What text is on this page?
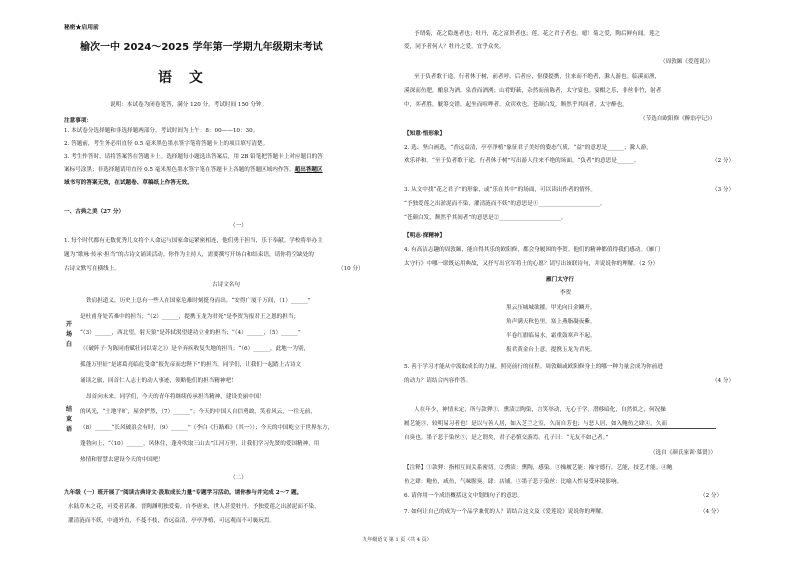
秘密★启用前
榆次一中 2024～2025 学年第一学期九年级期末考试
语 文
说明：本试卷为闭卷笔答，满分 120 分，考试时间 150 分钟。
注意事项：
1. 本试卷分选择题和非选择题两部分。考试时间为上午：8：00——10：30。
2. 答题前，考生务必用直径 0.5 毫米黑色墨水签字笔将答题卡上的项目填写清楚。
3. 考生作答时，请将答案答在答题卡上。选择题每小题选出答案后，用 2B 铅笔把答题卡上对应题目的答
案标号涂黑；非选择题请用直径 0.5 毫米黑色墨水签字笔在答题卡上各题的答题区域内作答。超出答题区
域书写的答案无效，在试题卷、草稿纸上作答无效。
一、古典之美（27 分）
（一）
1. 每个时代都有无数优秀儿女将个人命运与国家命运紧密相连，他们勇于担当，乐于奉献。学校将举办主
题为“歌咏·传承·担当”的古诗文诵读活动。你作为主持人，需要撰写开场白和结束语，请你将空缺处的
古诗文默写在横线上。	（10 分）
古诗文名句
开
场
白
铁肩担道义，历史上总有一些人在国家危难时刻挺身而出。“安得广厦千万间，（1）______”
是杜甫身处苦难中的担当；“（2）______，提携玉龙为君死”是李贺为报君王之恩的担当；
“（3）______，西北望，射天狼”是苏轼渴望建功立业的担当；“（4）______，（5）______”
（《破阵子·为陈同甫赋壮词以寄之》）是辛弃疾收复失地的担当；“（6）______，此地一为别，
孤蓬万里征”是诸葛亮临危受命“报先帝而忠陛下”的担当。同学们，让我们一起踏上古诗文
诵读之旅，回首仁人志士的动人事迹，领略他们的担当精神吧！
结
束
语
昂首向未来。同学们，今天的青年将继续传承担当精神，建设美丽中国！
的风光，“土地平旷，屋舍俨然，（7）______”；今天的中国人自信勇敢，笑看风云，一往无前，
（8）______“长风破浪会有时，（9）______”（李白《行路难》（其一））；今天的中国屹立于世界东方，
蓬勃向上，“（10）______，风休住，蓬舟吹取三山去”江河万里，让我们学习先贤的爱国精神，用
热情和智慧去建设今天的中国吧！
（二）
九年级（一）班开展了“阅读古典诗文·汲取成长力量”专题学习活动。请你参与并完成 2～7 题。
水陆草木之花，可爱者甚蕃。晋陶渊明独爱菊。自李唐来，世人甚爱牡丹。予独爱莲之出淤泥而不染，
濯清涟而不妖，中通外直，不蔓不枝，香远益清，亭亭净植，可远观而不可亵玩焉。
予谓菊，花之隐逸者也；牡丹，花之富贵者也；莲，花之君子者也。噫！菊之爱，陶后鲜有闻。莲之
爱，同予者何人？牡丹之爱，宜乎众矣。
（周敦颐《爱莲说》）
至于负者歌于途，行者休于树，前者呼，后者应，伛偻提携，往来而不绝者，滁人游也。临溪而渔，
溪深而鱼肥，酿泉为酒，泉香而酒洌；山肴野蔌，杂然而前陈者，太守宴也。宴酣之乐，非丝非竹，射者
中，弈者胜，觥筹交错，起坐而喧哗者，众宾欢也。苍颜白发，颓然乎其间者，太守醉也。
（节选自欧阳修《醉翁亭记》）
【知意·悟形象】
2. 选、坚白画选，“香远益清，亭亭净植”象征君子美好的姿态气质，“益”的意思是______；滁人游，
欢乐祥和。“至于负者歌于途，行者休于树”写出游人往来不绝的场面。“负者”的意思是______。	（2 分）
3. 从文中找“花之君子”的形象，或“乐在其中”的场面，可以读出作者的情怀。	（3 分）
“予独爱莲之出淤泥而不染，濯清涟而不妖”的意思是①______________________。
“苍颜白发，颓然乎其间者”的意思是②______________________。
【明志·探精神】
4. 有高洁志趣的周敦颐，能自得其乐的欧阳修，都会身履困的李贺。他们的精神都值得我们感动。《雁门
太守行》中哪一联既运用典故，又抒写出官军将士的心愿？请写出该联诗句，并说说你的理解。（2 分）
雁门太守行
李贺
黑云压城城欲摧，甲光向日金鳞开。
角声满天秋色里，塞上燕脂凝夜紫。
半卷红旗临易水，霜重鼓寒声不起。
报君黄金台上意，提携玉龙为君死。
5. 善于学习才能从中汲取成长的力量，照亮前行的征程。周敦颐或欧阳修身上的哪一种力量会成为你前进
的动力？请结合内容作答。	（4 分）
人在年少，神情未定，所与款狎①，熏渍②陶染，言笑举动，无心于学，潜移暗化，自然似之，何况操
履艺能③，较明易习者也！是以与善人居，如入芝兰之室，久而自芳也；与恶人居，如入鲍鱼之肆④，久而
自臭也。墨子悲于染丝⑤，是之谓矣，君子必慎交游焉。孔子曰：“无友不如己者。”
（选自《颜氏家训·慕贤》）
【注释】①款狎：指相互间关系密切。②熏渍：熏陶，感染。③操履艺能：操守德行，艺能，技艺才能。④鲍
鱼之肆：鲍鱼，咸鱼，气味腥臭。肆：店铺。⑤墨子悲于染丝：比喻人性易受环境影响。
6. 请你用一个成语概括这文中划线句子的意思。	（2 分）
7. 如何让自己的成为一个品学兼优的人？请结合这文及《爱莲说》说说你的理解。	（4 分）
九年级语文 第 1 页（共 4 页）
